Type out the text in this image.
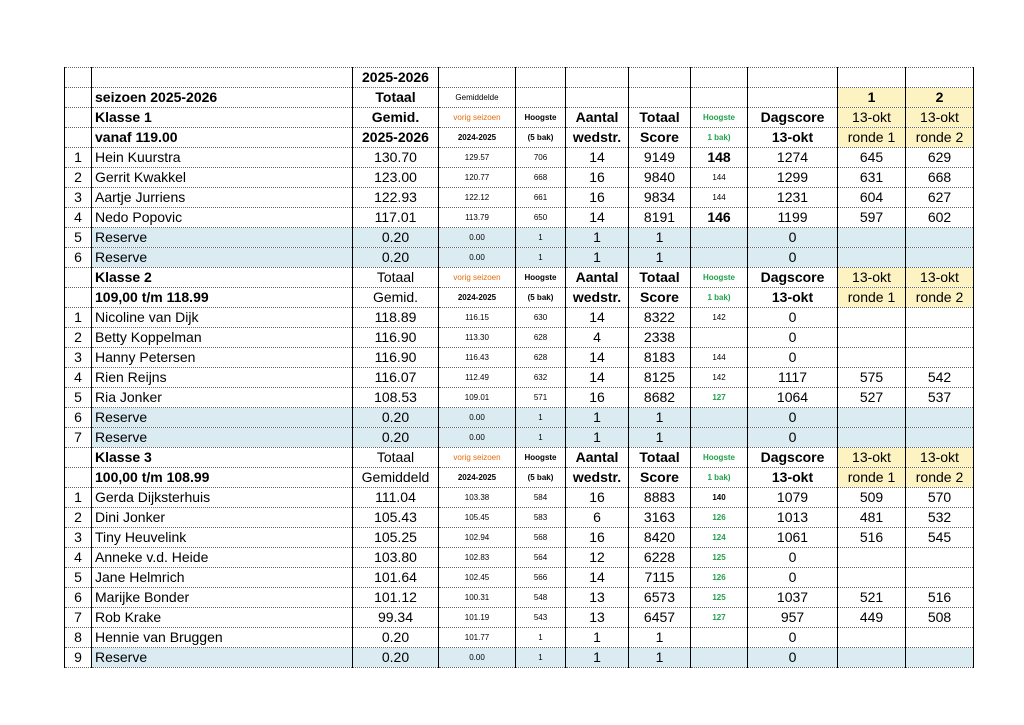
		2025-2026								
	seizoen 2025-2026	Totaal	Gemiddelde						1	2
	Klasse 1	Gemid.	vorig seizoen	Hoogste	Aantal	Totaal	Hoogste	Dagscore	13-okt	13-okt
	vanaf 119.00	2025-2026	2024-2025	(5 bak)	wedstr.	Score	1 bak)	13-okt	ronde 1	ronde 2
1	Hein Kuurstra	130.70	129.57	706	14	9149	148	1274	645	629
2	Gerrit Kwakkel	123.00	120.77	668	16	9840	144	1299	631	668
3	Aartje Jurriens	122.93	122.12	661	16	9834	144	1231	604	627
4	Nedo Popovic	117.01	113.79	650	14	8191	146	1199	597	602
5	Reserve	0.20	0.00	1	1	1		0		
6	Reserve	0.20	0.00	1	1	1		0		
	Klasse 2	Totaal	vorig seizoen	Hoogste	Aantal	Totaal	Hoogste	Dagscore	13-okt	13-okt
	109,00 t/m 118.99	Gemid.	2024-2025	(5 bak)	wedstr.	Score	1 bak)	13-okt	ronde 1	ronde 2
1	Nicoline van Dijk	118.89	116.15	630	14	8322	142	0		
2	Betty Koppelman	116.90	113.30	628	4	2338		0		
3	Hanny Petersen	116.90	116.43	628	14	8183	144	0		
4	Rien Reijns	116.07	112.49	632	14	8125	142	1117	575	542
5	Ria Jonker	108.53	109.01	571	16	8682	127	1064	527	537
6	Reserve	0.20	0.00	1	1	1		0		
7	Reserve	0.20	0.00	1	1	1		0		
	Klasse 3	Totaal	vorig seizoen	Hoogste	Aantal	Totaal	Hoogste	Dagscore	13-okt	13-okt
	100,00 t/m 108.99	Gemiddeld	2024-2025	(5 bak)	wedstr.	Score	1 bak)	13-okt	ronde 1	ronde 2
1	Gerda Dijksterhuis	111.04	103.38	584	16	8883	140	1079	509	570
2	Dini Jonker	105.43	105.45	583	6	3163	126	1013	481	532
3	Tiny Heuvelink	105.25	102.94	568	16	8420	124	1061	516	545
4	Anneke v.d. Heide	103.80	102.83	564	12	6228	125	0		
5	Jane Helmrich	101.64	102.45	566	14	7115	126	0		
6	Marijke Bonder	101.12	100.31	548	13	6573	125	1037	521	516
7	Rob Krake	99.34	101.19	543	13	6457	127	957	449	508
8	Hennie van Bruggen	0.20	101.77	1	1	1		0		
9	Reserve	0.20	0.00	1	1	1		0		
